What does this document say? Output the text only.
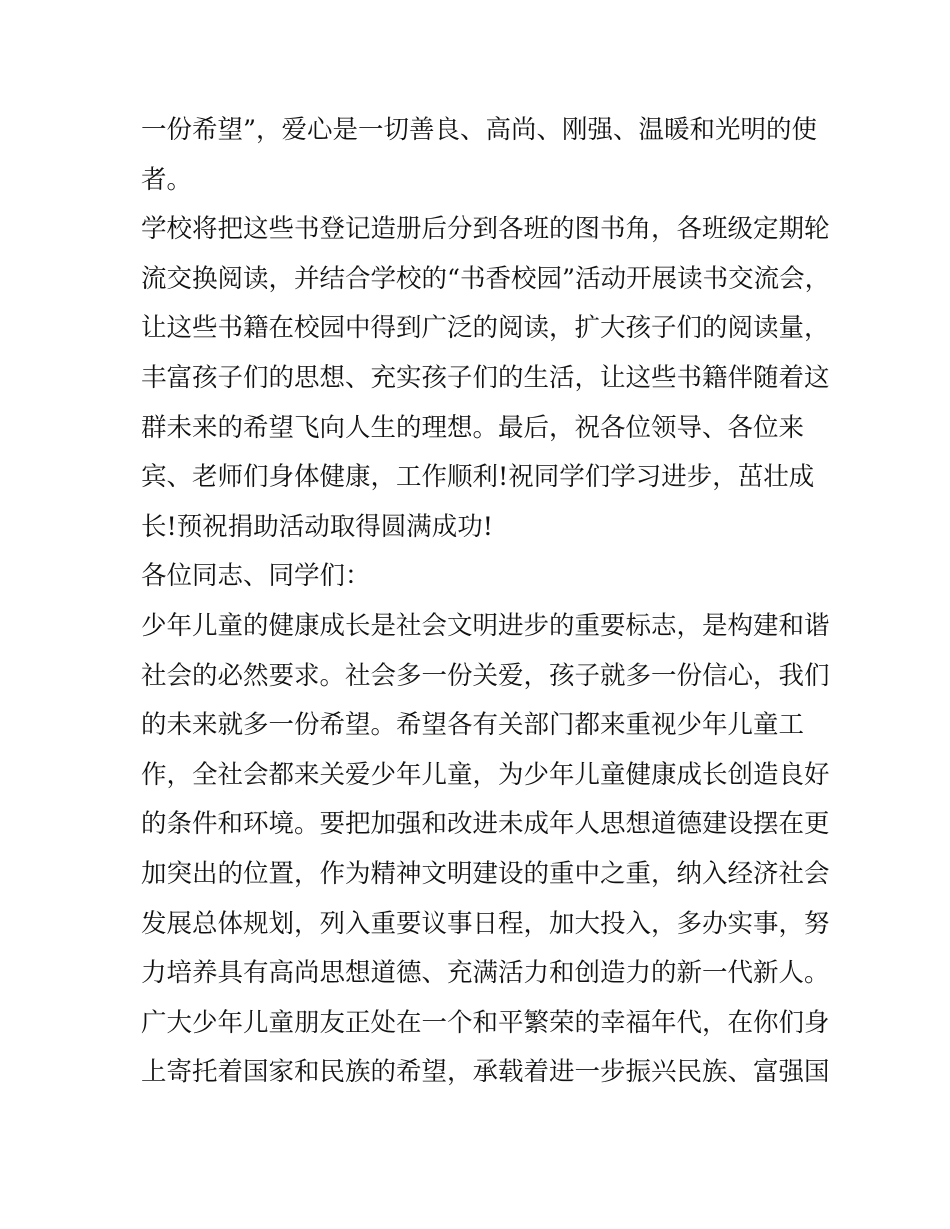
一份希望”，爱心是一切善良、高尚、刚强、温暖和光明的使
者。
学校将把这些书登记造册后分到各班的图书角，各班级定期轮
流交换阅读，并结合学校的“书香校园”活动开展读书交流会，
让这些书籍在校园中得到广泛的阅读，扩大孩子们的阅读量，
丰富孩子们的思想、充实孩子们的生活，让这些书籍伴随着这
群未来的希望飞向人生的理想。最后，祝各位领导、各位来
宾、老师们身体健康，工作顺利!祝同学们学习进步，茁壮成
长!预祝捐助活动取得圆满成功!
各位同志、同学们：
少年儿童的健康成长是社会文明进步的重要标志，是构建和谐
社会的必然要求。社会多一份关爱，孩子就多一份信心，我们
的未来就多一份希望。希望各有关部门都来重视少年儿童工
作，全社会都来关爱少年儿童，为少年儿童健康成长创造良好
的条件和环境。要把加强和改进未成年人思想道德建设摆在更
加突出的位置，作为精神文明建设的重中之重，纳入经济社会
发展总体规划，列入重要议事日程，加大投入，多办实事，努
力培养具有高尚思想道德、充满活力和创造力的新一代新人。
广大少年儿童朋友正处在一个和平繁荣的幸福年代，在你们身
上寄托着国家和民族的希望，承载着进一步振兴民族、富强国
